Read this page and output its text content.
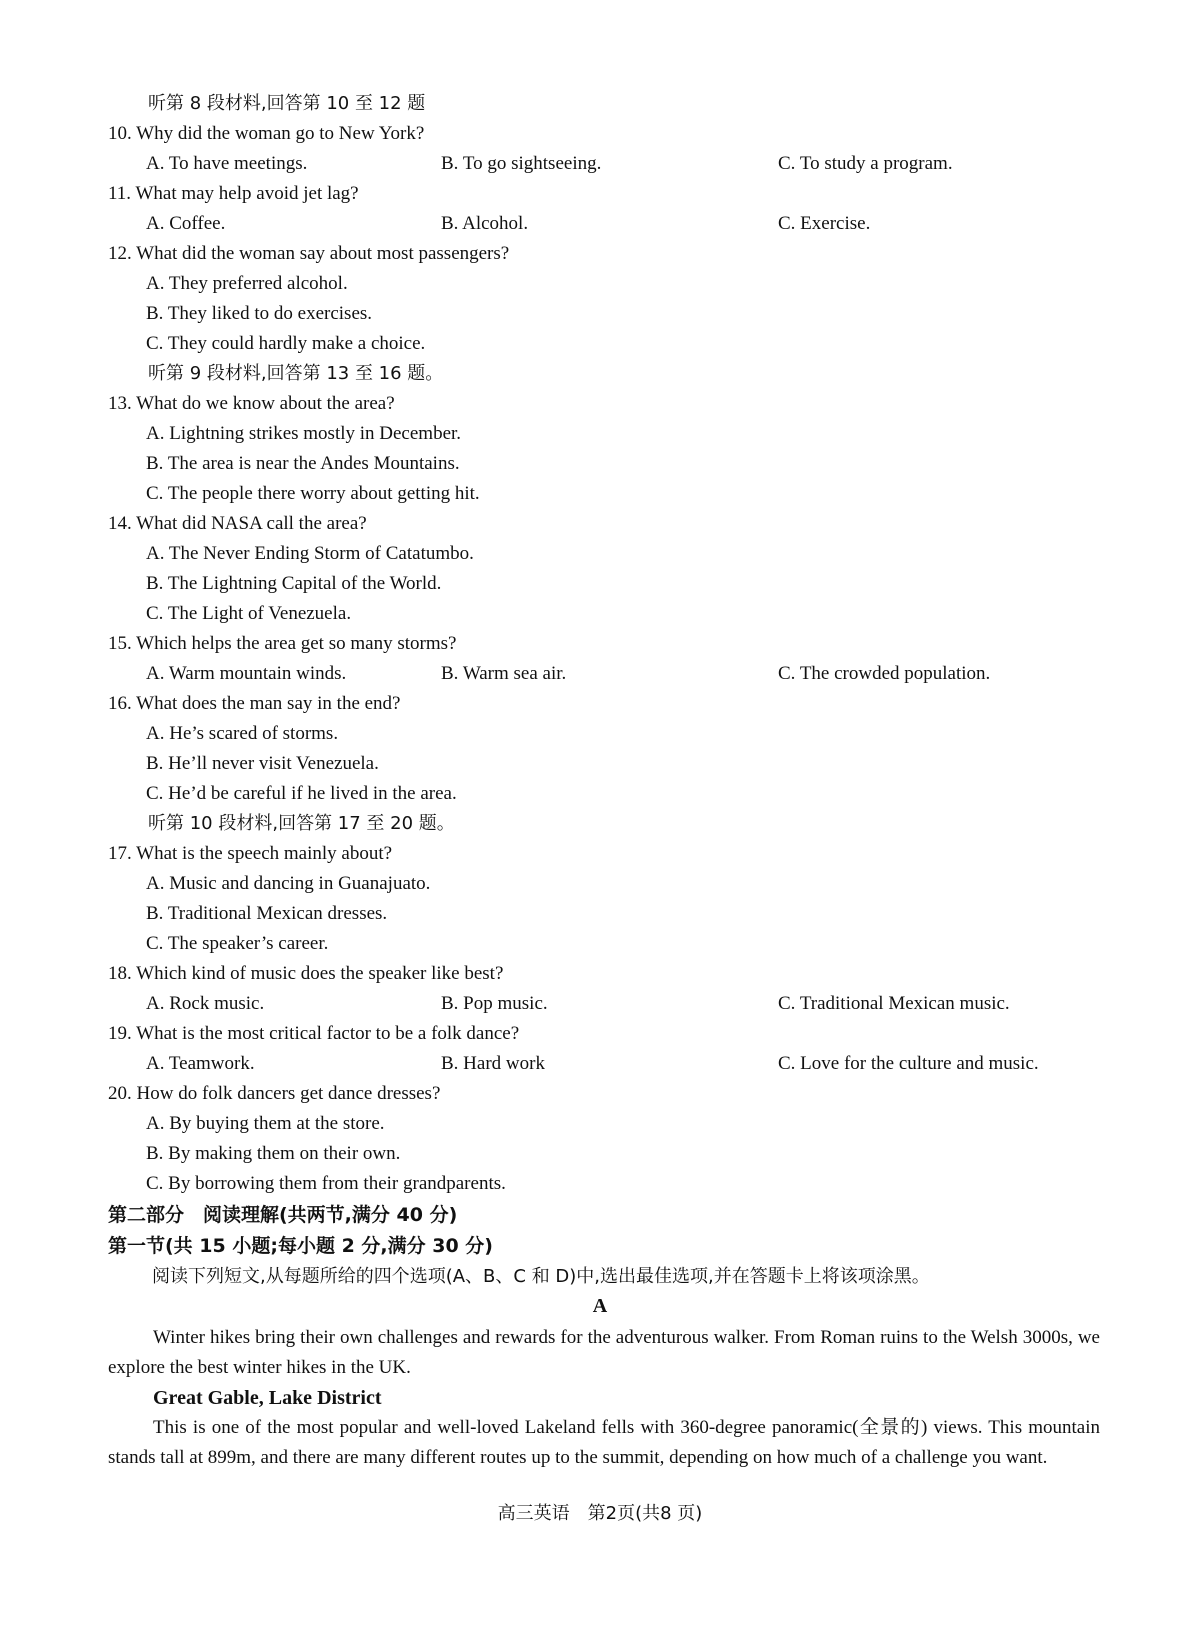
听第 8 段材料,回答第 10 至 12 题
10. Why did the woman go to New York?
A. To have meetings.	B. To go sightseeing.	C. To study a program.
11. What may help avoid jet lag?
A. Coffee.	B. Alcohol.	C. Exercise.
12. What did the woman say about most passengers?
A. They preferred alcohol.
B. They liked to do exercises.
C. They could hardly make a choice.
听第 9 段材料,回答第 13 至 16 题。
13. What do we know about the area?
A. Lightning strikes mostly in December.
B. The area is near the Andes Mountains.
C. The people there worry about getting hit.
14. What did NASA call the area?
A. The Never Ending Storm of Catatumbo.
B. The Lightning Capital of the World.
C. The Light of Venezuela.
15. Which helps the area get so many storms?
A. Warm mountain winds.	B. Warm sea air.	C. The crowded population.
16. What does the man say in the end?
A. He’s scared of storms.
B. He’ll never visit Venezuela.
C. He’d be careful if he lived in the area.
听第 10 段材料,回答第 17 至 20 题。
17. What is the speech mainly about?
A. Music and dancing in Guanajuato.
B. Traditional Mexican dresses.
C. The speaker’s career.
18. Which kind of music does the speaker like best?
A. Rock music.	B. Pop music.	C. Traditional Mexican music.
19. What is the most critical factor to be a folk dance?
A. Teamwork.	B. Hard work	C. Love for the culture and music.
20. How do folk dancers get dance dresses?
A. By buying them at the store.
B. By making them on their own.
C. By borrowing them from their grandparents.
第二部分　阅读理解(共两节,满分 40 分)
第一节(共 15 小题;每小题 2 分,满分 30 分)
阅读下列短文,从每题所给的四个选项(A、B、C 和 D)中,选出最佳选项,并在答题卡上将该项涂黑。
A
Winter hikes bring their own challenges and rewards for the adventurous walker. From Roman ruins to the Welsh 3000s, we explore the best winter hikes in the UK.
Great Gable, Lake District
This is one of the most popular and well-loved Lakeland fells with 360-degree panoramic(全景的) views. This mountain stands tall at 899m, and there are many different routes up to the summit, depending on how much of a challenge you want.
高三英语　第2页(共8 页)
